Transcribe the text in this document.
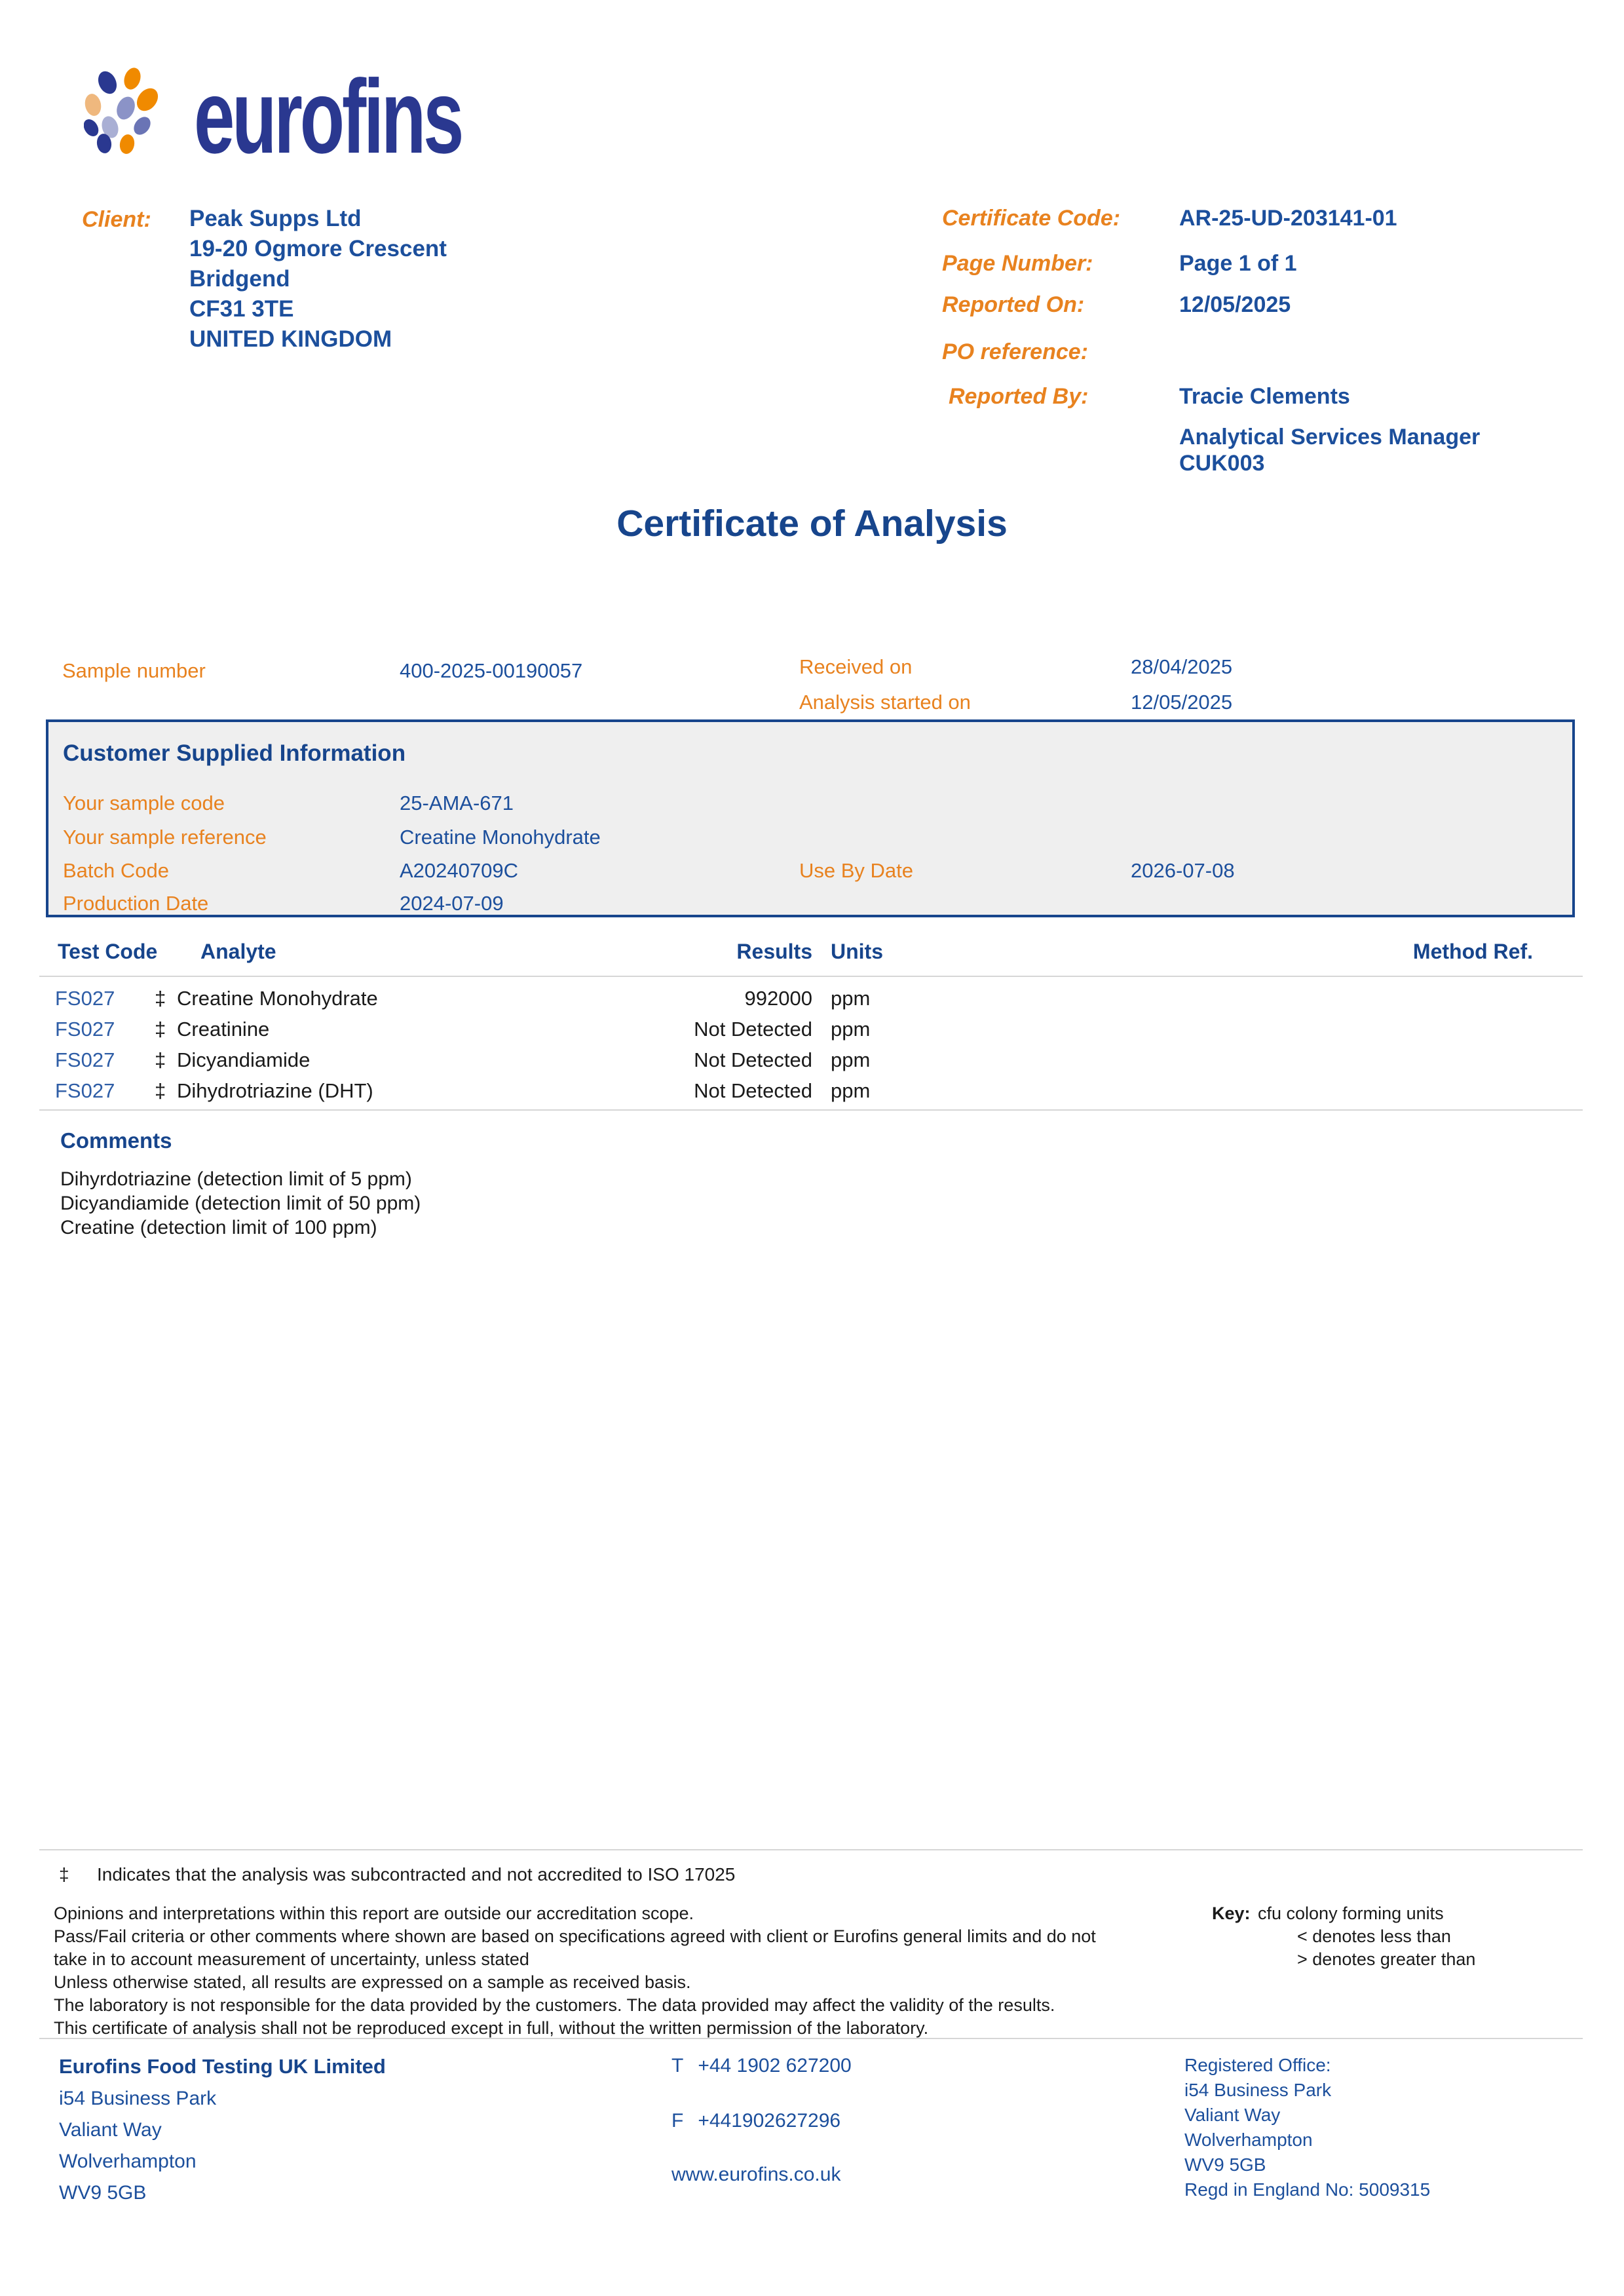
eurofins
Client: Peak Supps Ltd
19-20 Ogmore Crescent
Bridgend
CF31 3TE
UNITED KINGDOM
Certificate Code:	AR-25-UD-203141-01
Page Number:	Page 1 of 1
Reported On:	12/05/2025
PO reference:
Reported By:	Tracie Clements
Analytical Services Manager
CUK003
Certificate of Analysis
Sample number	400-2025-00190057	Received on	28/04/2025
Analysis started on	12/05/2025
Customer Supplied Information
Your sample code	25-AMA-671
Your sample reference	Creatine Monohydrate
Batch Code	A20240709C	Use By Date	2026-07-08
Production Date	2024-07-09
Test Code Analyte	Results Units	Method Ref.
FS027 ‡ Creatine Monohydrate	992000 ppm
FS027 ‡ Creatinine	Not Detected ppm
FS027 ‡ Dicyandiamide	Not Detected ppm
FS027 ‡ Dihydrotriazine (DHT)	Not Detected ppm
Comments
Dihyrdotriazine (detection limit of 5 ppm)
Dicyandiamide (detection limit of 50 ppm)
Creatine (detection limit of 100 ppm)
‡ Indicates that the analysis was subcontracted and not accredited to ISO 17025
Opinions and interpretations within this report are outside our accreditation scope.
Pass/Fail criteria or other comments where shown are based on specifications agreed with client or Eurofins general limits and do not
take in to account measurement of uncertainty, unless stated
Unless otherwise stated, all results are expressed on a sample as received basis.
The laboratory is not responsible for the data provided by the customers. The data provided may affect the validity of the results.
This certificate of analysis shall not be reproduced except in full, without the written permission of the laboratory.
Key: cfu colony forming units
< denotes less than
> denotes greater than
Eurofins Food Testing UK Limited
i54 Business Park
Valiant Way
Wolverhampton
WV9 5GB
T +44 1902 627200
F +441902627296
www.eurofins.co.uk
Registered Office:
i54 Business Park
Valiant Way
Wolverhampton
WV9 5GB
Regd in England No: 5009315
